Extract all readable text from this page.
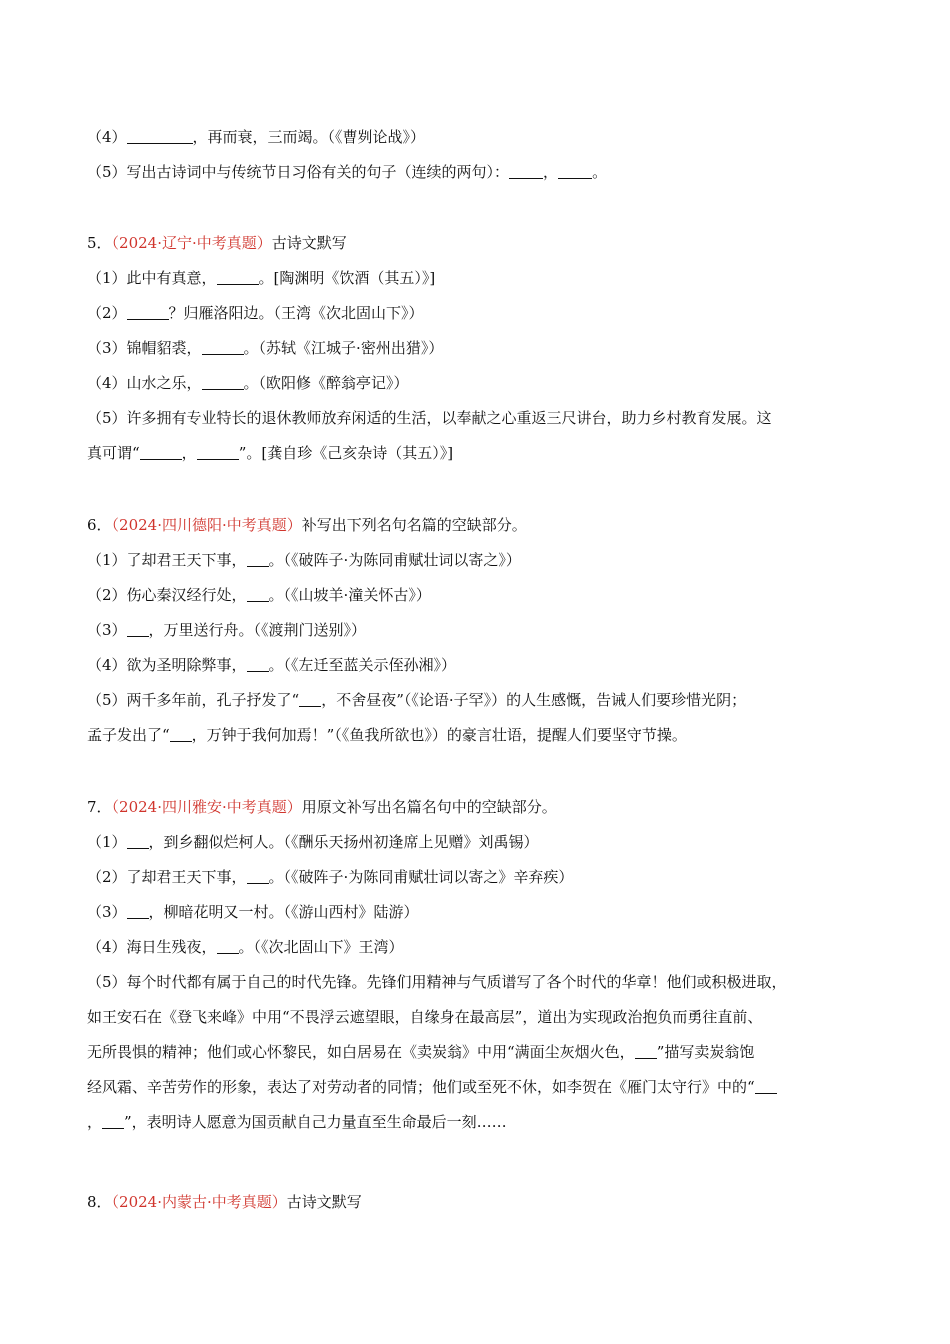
（4）	，再而衰，三而竭。（《曹刿论战》）
（5）写出古诗词中与传统节日习俗有关的句子（连续的两句）： ， 。
5．（2024·辽宁·中考真题）古诗文默写
（1）此中有真意，	。[陶渊明《饮酒（其五）》]
（2）	？归雁洛阳边。（王湾《次北固山下》）
（3）锦帽貂裘，	。（苏轼《江城子·密州出猎》）
（4）山水之乐，	。（欧阳修《醉翁亭记》）
（5）许多拥有专业特长的退休教师放弃闲适的生活，以奉献之心重返三尺讲台，助力乡村教育发展。这
真可谓“	，	”。[龚自珍《己亥杂诗（其五）》]
6．（2024·四川德阳·中考真题）补写出下列名句名篇的空缺部分。
（1）了却君王天下事， 。（《破阵子·为陈同甫赋壮词以寄之》）
（2）伤心秦汉经行处， 。（《山坡羊·潼关怀古》）
（3） ，万里送行舟。（《渡荆门送别》）
（4）欲为圣明除弊事， 。（《左迁至蓝关示侄孙湘》）
（5）两千多年前，孔子抒发了“ ，不舍昼夜”（《论语·子罕》）的人生感慨，告诫人们要珍惜光阴；
孟子发出了“ ，万钟于我何加焉！”（《鱼我所欲也》）的豪言壮语，提醒人们要坚守节操。
7．（2024·四川雅安·中考真题）用原文补写出名篇名句中的空缺部分。
（1） ，到乡翻似烂柯人。（《酬乐天扬州初逢席上见赠》刘禹锡）
（2）了却君王天下事， 。（《破阵子·为陈同甫赋壮词以寄之》辛弃疾）
（3） ，柳暗花明又一村。（《游山西村》陆游）
（4）海日生残夜， 。（《次北固山下》王湾）
（5）每个时代都有属于自己的时代先锋。先锋们用精神与气质谱写了各个时代的华章！他们或积极进取，
如王安石在《登飞来峰》中用“不畏浮云遮望眼，自缘身在最高层”，道出为实现政治抱负而勇往直前、
无所畏惧的精神；他们或心怀黎民，如白居易在《卖炭翁》中用“满面尘灰烟火色， ”描写卖炭翁饱
经风霜、辛苦劳作的形象，表达了对劳动者的同情；他们或至死不休，如李贺在《雁门太守行》中的“
， ”，表明诗人愿意为国贡献自己力量直至生命最后一刻……
8．（2024·内蒙古·中考真题）古诗文默写
